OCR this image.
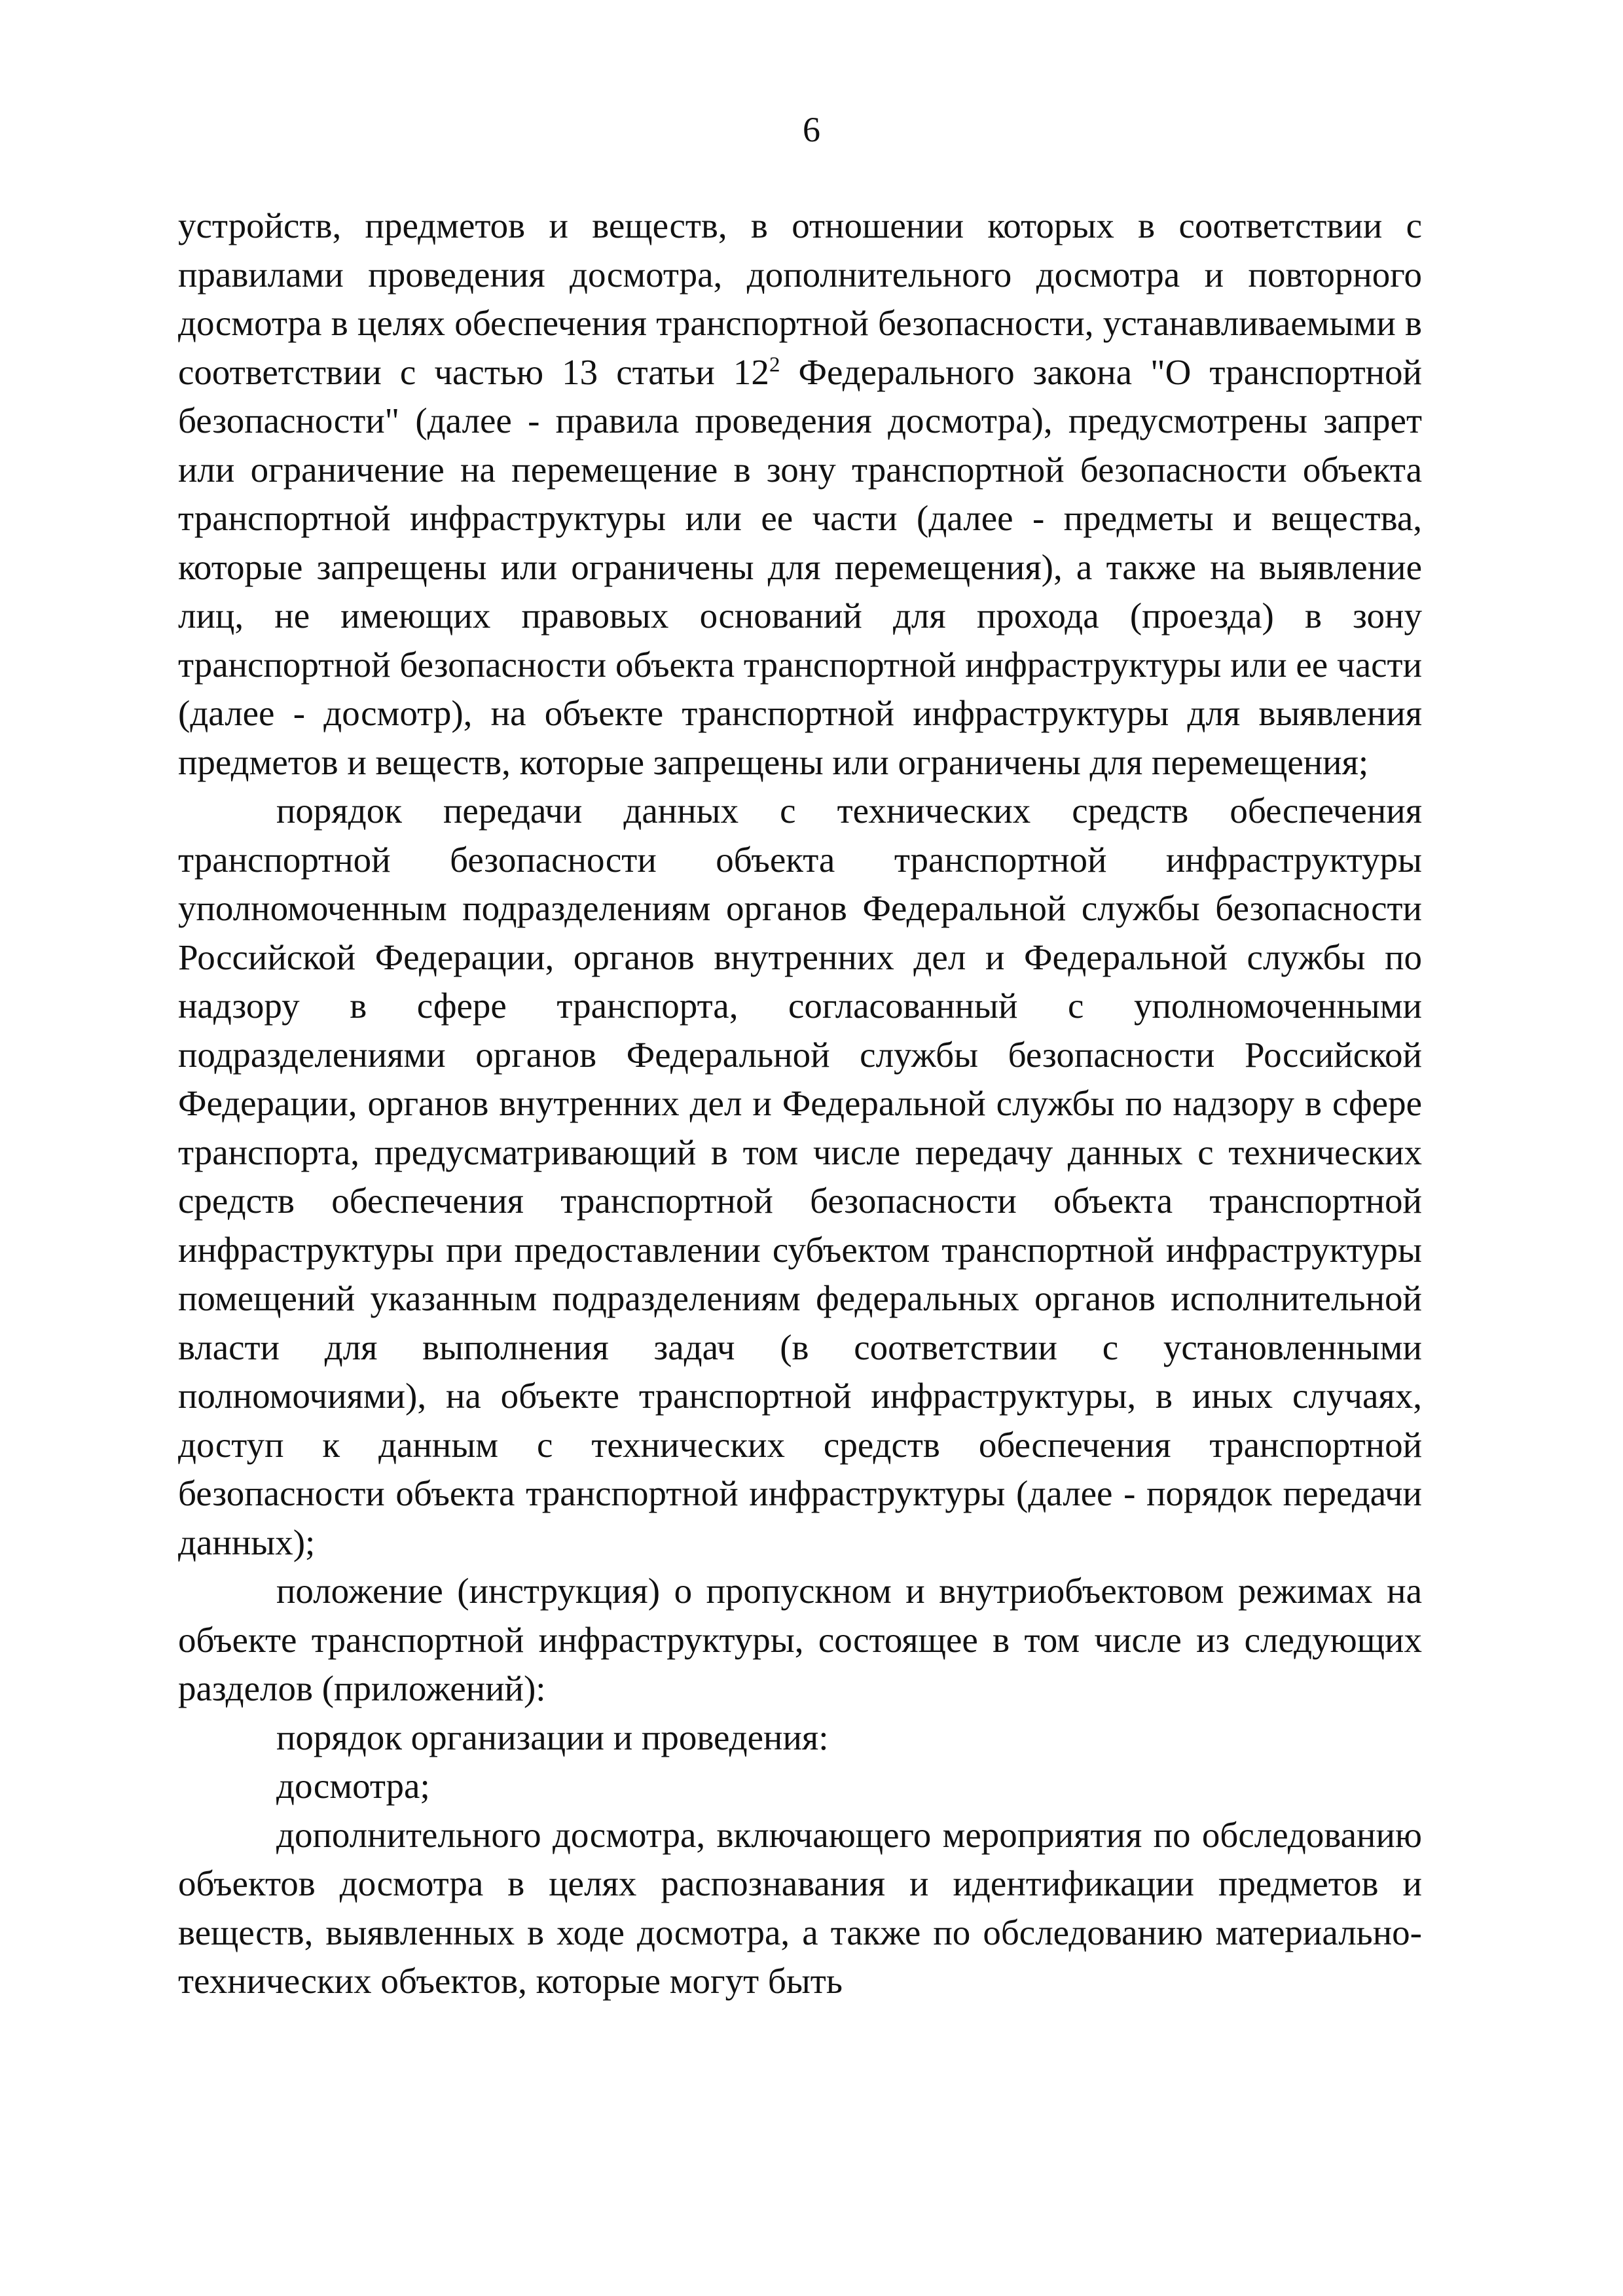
6

устройств, предметов и веществ, в отношении которых в соответствии с правилами проведения досмотра, дополнительного досмотра и повторного досмотра в целях обеспечения транспортной безопасности, устанавливаемыми в соответствии с частью 13 статьи $12^2$ Федерального закона "О транспортной безопасности" (далее - правила проведения досмотра), предусмотрены запрет или ограничение на перемещение в зону транспортной безопасности объекта транспортной инфраструктуры или ее части (далее - предметы и вещества, которые запрещены или ограничены для перемещения), а также на выявление лиц, не имеющих правовых оснований для прохода (проезда) в зону транспортной безопасности объекта транспортной инфраструктуры или ее части (далее - досмотр), на объекте транспортной инфраструктуры для выявления предметов и веществ, которые запрещены или ограничены для перемещения;

порядок передачи данных с технических средств обеспечения транспортной безопасности объекта транспортной инфраструктуры уполномоченным подразделениям органов Федеральной службы безопасности Российской Федерации, органов внутренних дел и Федеральной службы по надзору в сфере транспорта, согласованный с уполномоченными подразделениями органов Федеральной службы безопасности Российской Федерации, органов внутренних дел и Федеральной службы по надзору в сфере транспорта, предусматривающий в том числе передачу данных с технических средств обеспечения транспортной безопасности объекта транспортной инфраструктуры при предоставлении субъектом транспортной инфраструктуры помещений указанным подразделениям федеральных органов исполнительной власти для выполнения задач (в соответствии с установленными полномочиями), на объекте транспортной инфраструктуры, в иных случаях, доступ к данным с технических средств обеспечения транспортной безопасности объекта транспортной инфраструктуры (далее - порядок передачи данных);

положение (инструкция) о пропускном и внутриобъектовом режимах на объекте транспортной инфраструктуры, состоящее в том числе из следующих разделов (приложений):

порядок организации и проведения:

досмотра;

дополнительного досмотра, включающего мероприятия по обследованию объектов досмотра в целях распознавания и идентификации предметов и веществ, выявленных в ходе досмотра, а также по обследованию материально-технических объектов, которые могут быть
